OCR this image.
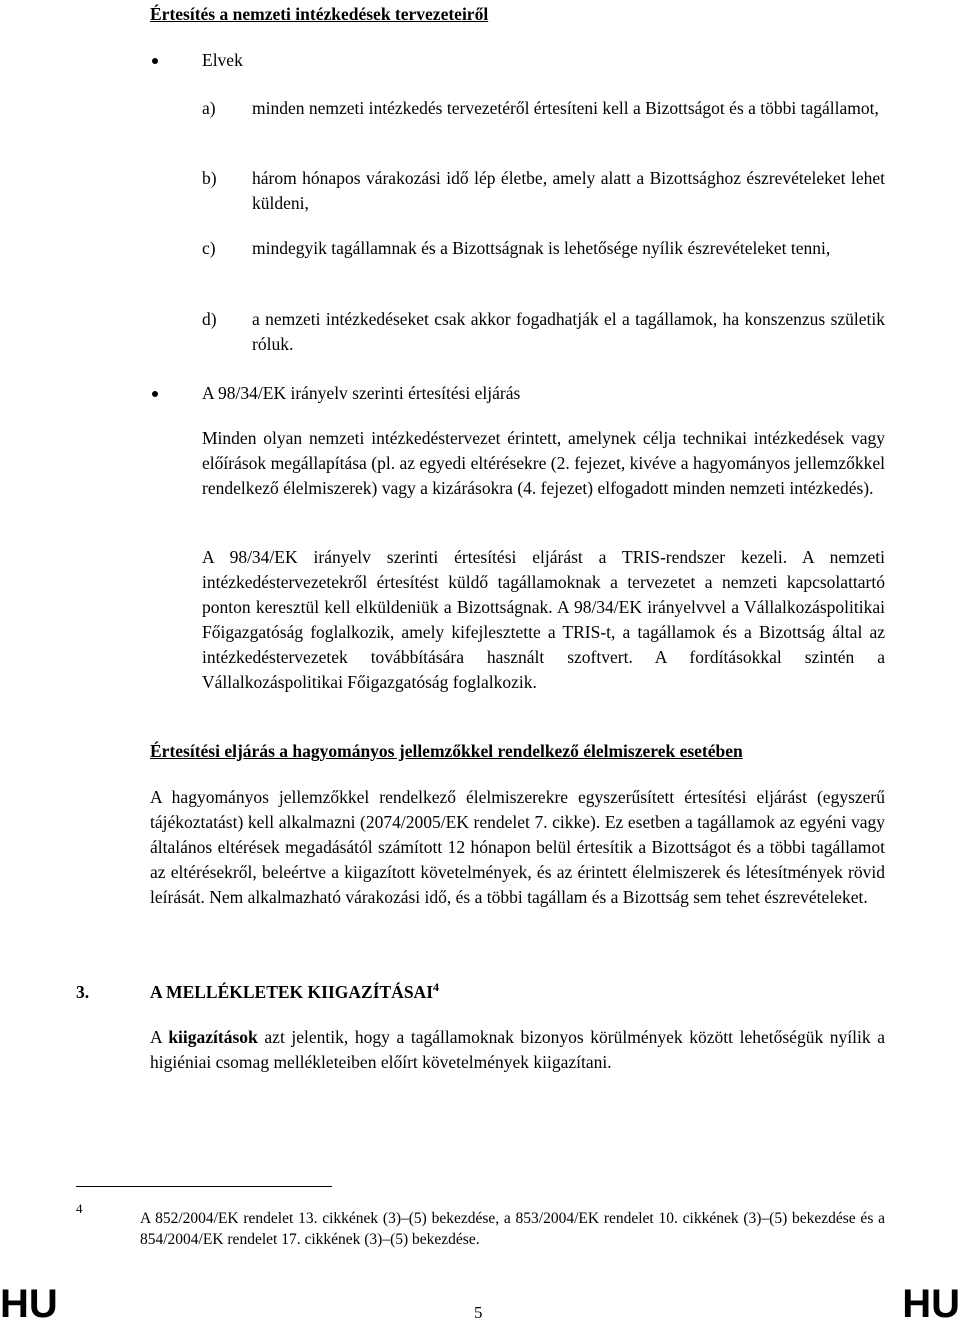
Értesítés a nemzeti intézkedések tervezeteiről
Elvek
a) minden nemzeti intézkedés tervezetéről értesíteni kell a Bizottságot és a többi tagállamot,
b) három hónapos várakozási idő lép életbe, amely alatt a Bizottsághoz észrevételeket lehet küldeni,
c) mindegyik tagállamnak és a Bizottságnak is lehetősége nyílik észrevételeket tenni,
d) a nemzeti intézkedéseket csak akkor fogadhatják el a tagállamok, ha konszenzus születik róluk.
A 98/34/EK irányelv szerinti értesítési eljárás
Minden olyan nemzeti intézkedéstervezet érintett, amelynek célja technikai intézkedések vagy előírások megállapítása (pl. az egyedi eltérésekre (2. fejezet, kivéve a hagyományos jellemzőkkel rendelkező élelmiszerek) vagy a kizárásokra (4. fejezet) elfogadott minden nemzeti intézkedés).
A 98/34/EK irányelv szerinti értesítési eljárást a TRIS-rendszer kezeli. A nemzeti intézkedéstervezetekről értesítést küldő tagállamoknak a tervezetet a nemzeti kapcsolattartó ponton keresztül kell elküldeniük a Bizottságnak. A 98/34/EK irányelvvel a Vállalkozáspolitikai Főigazgatóság foglalkozik, amely kifejlesztette a TRIS-t, a tagállamok és a Bizottság által az intézkedéstervezetek továbbítására használt szoftvert. A fordításokkal szintén a Vállalkozáspolitikai Főigazgatóság foglalkozik.
Értesítési eljárás a hagyományos jellemzőkkel rendelkező élelmiszerek esetében
A hagyományos jellemzőkkel rendelkező élelmiszerekre egyszerűsített értesítési eljárást (egyszerű tájékoztatást) kell alkalmazni (2074/2005/EK rendelet 7. cikke). Ez esetben a tagállamok az egyéni vagy általános eltérések megadásától számított 12 hónapon belül értesítik a Bizottságot és a többi tagállamot az eltérésekről, beleértve a kiigazított követelmények, és az érintett élelmiszerek és létesítmények rövid leírását. Nem alkalmazható várakozási idő, és a többi tagállam és a Bizottság sem tehet észrevételeket.
3.	A MELLÉKLETEK KIIGAZÍTÁSAI$^4$
A kiigazítások azt jelentik, hogy a tagállamoknak bizonyos körülmények között lehetőségük nyílik a higiéniai csomag mellékleteiben előírt követelmények kiigazítani.
4
A 852/2004/EK rendelet 13. cikkének (3)–(5) bekezdése, a 853/2004/EK rendelet 10. cikkének (3)–(5) bekezdése és a 854/2004/EK rendelet 17. cikkének (3)–(5) bekezdése.
HU	5	HU
